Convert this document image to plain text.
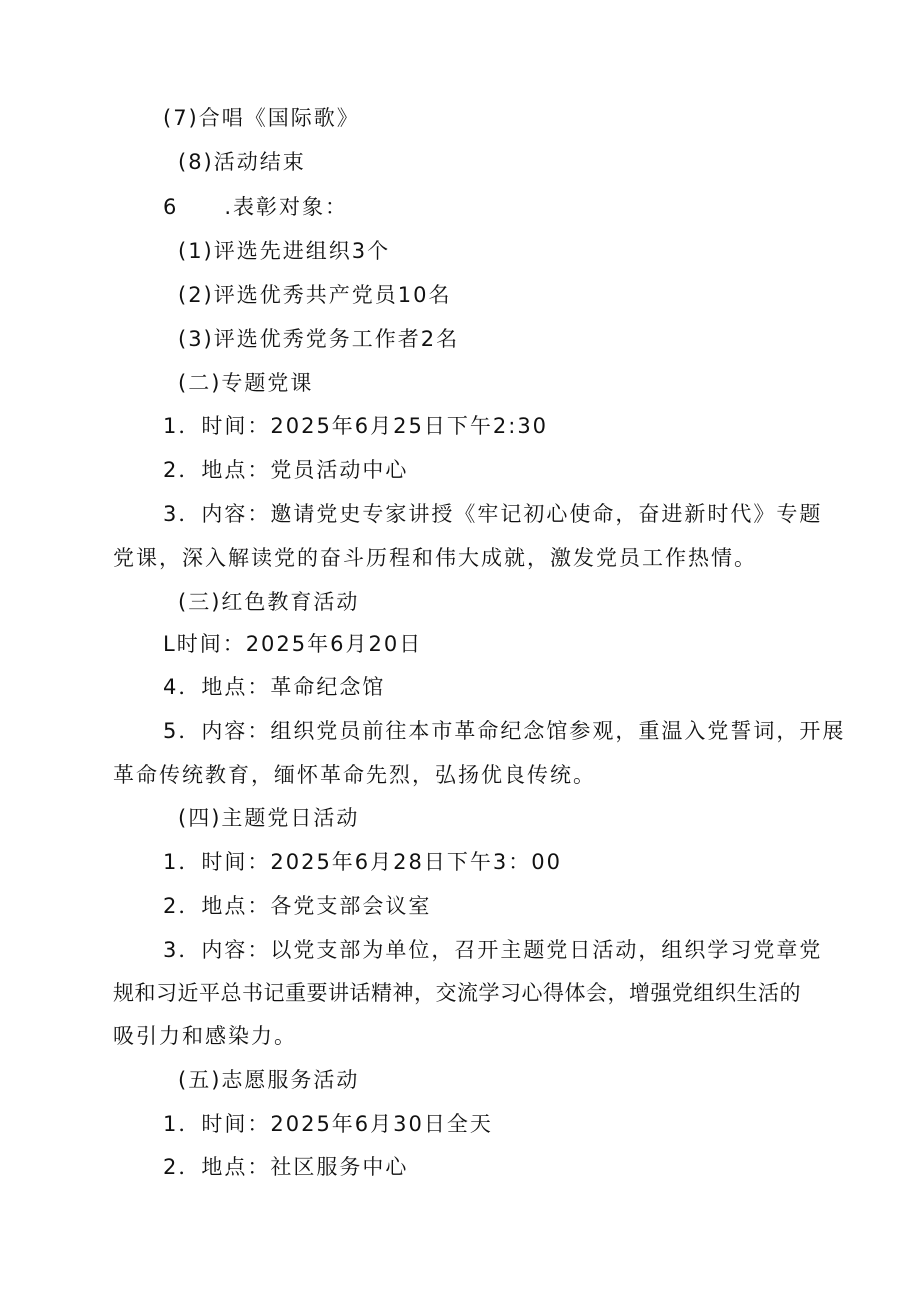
(7)合唱《国际歌》
(8)活动结束
6  .表彰对象：
(1)评选先进组织3个
(2)评选优秀共产党员10名
(3)评选优秀党务工作者2名
(二)专题党课
1．时间：2025年6月25日下午2:30
2．地点：党员活动中心
3．内容：邀请党史专家讲授《牢记初心使命，奋进新时代》专题
党课，深入解读党的奋斗历程和伟大成就，激发党员工作热情。
(三)红色教育活动
L时间：2025年6月20日
4．地点：革命纪念馆
5．内容：组织党员前往本市革命纪念馆参观，重温入党誓词，开展
革命传统教育，缅怀革命先烈，弘扬优良传统。
(四)主题党日活动
1．时间：2025年6月28日下午3：00
2．地点：各党支部会议室
3．内容：以党支部为单位，召开主题党日活动，组织学习党章党
规和习近平总书记重要讲话精神，交流学习心得体会，增强党组织生活的
吸引力和感染力。
(五)志愿服务活动
1．时间：2025年6月30日全天
2．地点：社区服务中心
